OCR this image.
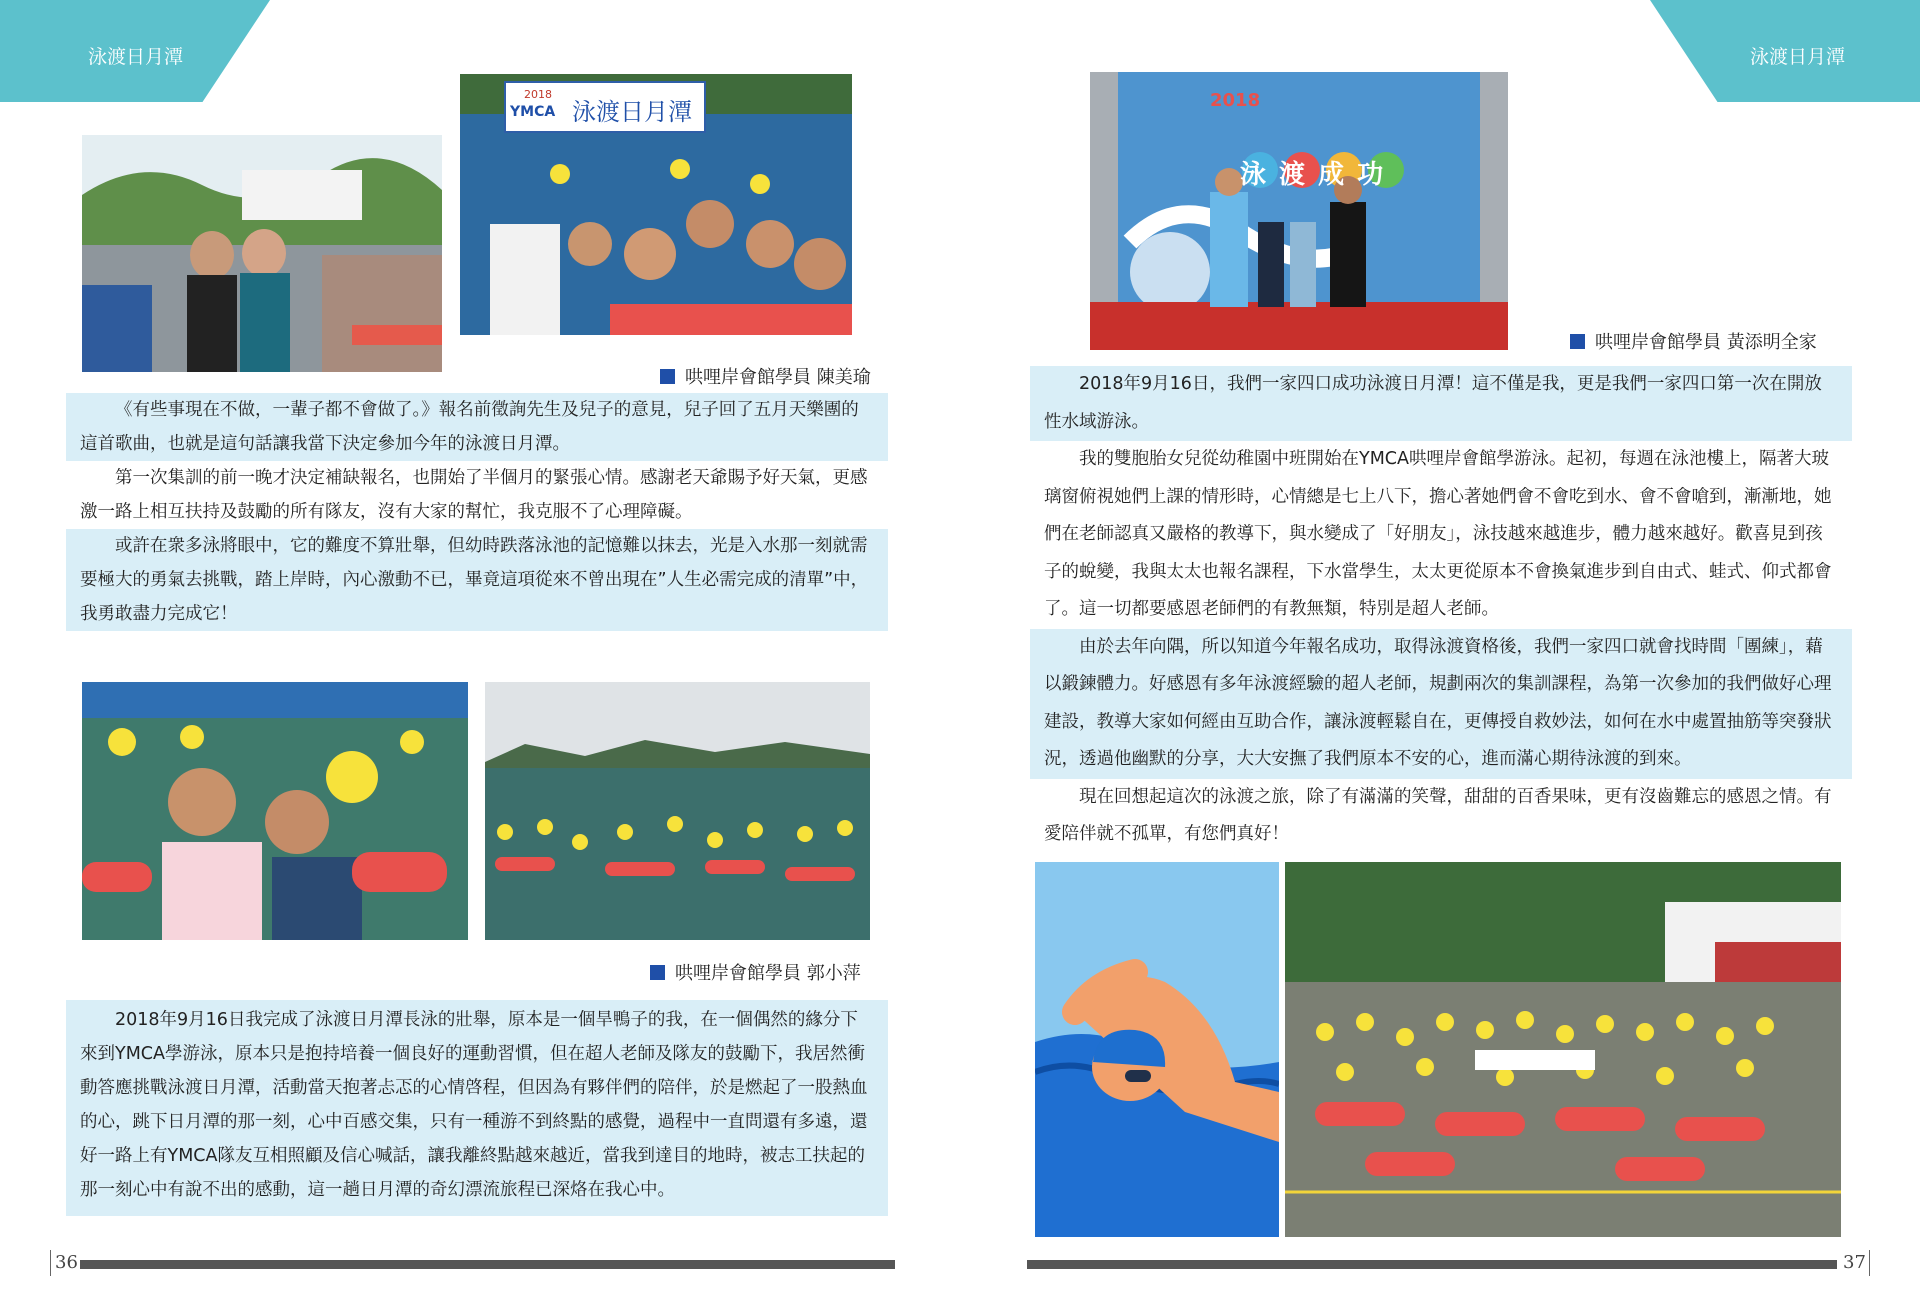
泳渡日月潭	泳渡日月潭
2018
YMCA 泳渡日月潭
哄哩岸會館學員 陳美瑜
《有些事現在不做，一輩子都不會做了。》報名前徵詢先生及兒子的意見，兒子回了五月天樂團的這首歌曲，也就是這句話讓我當下決定參加今年的泳渡日月潭。
第一次集訓的前一晚才決定補缺報名，也開始了半個月的緊張心情。感謝老天爺賜予好天氣，更感激一路上相互扶持及鼓勵的所有隊友，沒有大家的幫忙，我克服不了心理障礙。
或許在衆多泳將眼中，它的難度不算壯舉，但幼時跌落泳池的記憶難以抹去，光是入水那一刻就需要極大的勇氣去挑戰，踏上岸時，內心激動不已，畢竟這項從來不曾出現在”人生必需完成的清單”中，我勇敢盡力完成它！
哄哩岸會館學員 郭小萍
2018年9月16日我完成了泳渡日月潭長泳的壯舉，原本是一個旱鴨子的我，在一個偶然的緣分下來到YMCA學游泳，原本只是抱持培養一個良好的運動習慣，但在超人老師及隊友的鼓勵下，我居然衝動答應挑戰泳渡日月潭，活動當天抱著忐忑的心情啓程，但因為有夥伴們的陪伴，於是燃起了一股熱血的心，跳下日月潭的那一刻，心中百感交集，只有一種游不到終點的感覺，過程中一直問還有多遠，還好一路上有YMCA隊友互相照顧及信心喊話，讓我離終點越來越近，當我到達目的地時，被志工扶起的那一刻心中有說不出的感動，這一趟日月潭的奇幻漂流旅程已深烙在我心中。
36
2018
泳 渡 成 功
哄哩岸會館學員 黃添明全家
2018年9月16日，我們一家四口成功泳渡日月潭！這不僅是我，更是我們一家四口第一次在開放性水域游泳。
我的雙胞胎女兒從幼稚園中班開始在YMCA哄哩岸會館學游泳。起初，每週在泳池樓上，隔著大玻璃窗俯視她們上課的情形時，心情總是七上八下，擔心著她們會不會吃到水、會不會嗆到，漸漸地，她們在老師認真又嚴格的教導下，與水變成了「好朋友」，泳技越來越進步，體力越來越好。歡喜見到孩子的蛻變，我與太太也報名課程，下水當學生，太太更從原本不會換氣進步到自由式、蛙式、仰式都會了。這一切都要感恩老師們的有教無類，特別是超人老師。
由於去年向隅，所以知道今年報名成功，取得泳渡資格後，我們一家四口就會找時間「團練」，藉以鍛鍊體力。好感恩有多年泳渡經驗的超人老師，規劃兩次的集訓課程，為第一次參加的我們做好心理建設，教導大家如何經由互助合作，讓泳渡輕鬆自在，更傳授自救妙法，如何在水中處置抽筋等突發狀況，透過他幽默的分享，大大安撫了我們原本不安的心，進而滿心期待泳渡的到來。
現在回想起這次的泳渡之旅，除了有滿滿的笑聲，甜甜的百香果味，更有沒齒難忘的感恩之情。有愛陪伴就不孤單，有您們真好！
37
